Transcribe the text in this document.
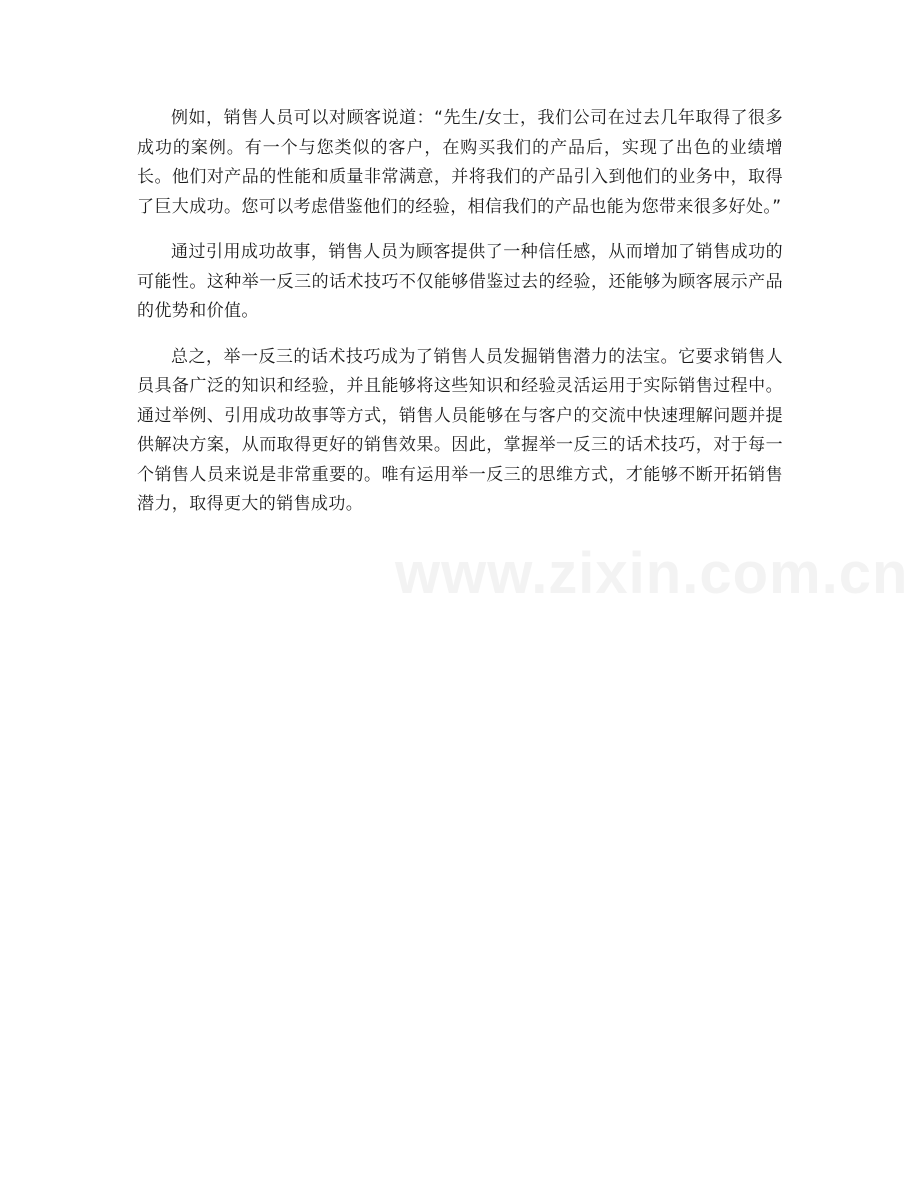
例如，销售人员可以对顾客说道：“先生/女士，我们公司在过去几年取得了很多成功的案例。有一个与您类似的客户，在购买我们的产品后，实现了出色的业绩增长。他们对产品的性能和质量非常满意，并将我们的产品引入到他们的业务中，取得了巨大成功。您可以考虑借鉴他们的经验，相信我们的产品也能为您带来很多好处。”

通过引用成功故事，销售人员为顾客提供了一种信任感，从而增加了销售成功的可能性。这种举一反三的话术技巧不仅能够借鉴过去的经验，还能够为顾客展示产品的优势和价值。

总之，举一反三的话术技巧成为了销售人员发掘销售潜力的法宝。它要求销售人员具备广泛的知识和经验，并且能够将这些知识和经验灵活运用于实际销售过程中。通过举例、引用成功故事等方式，销售人员能够在与客户的交流中快速理解问题并提供解决方案，从而取得更好的销售效果。因此，掌握举一反三的话术技巧，对于每一个销售人员来说是非常重要的。唯有运用举一反三的思维方式，才能够不断开拓销售潜力，取得更大的销售成功。

www.zixin.com.cn
